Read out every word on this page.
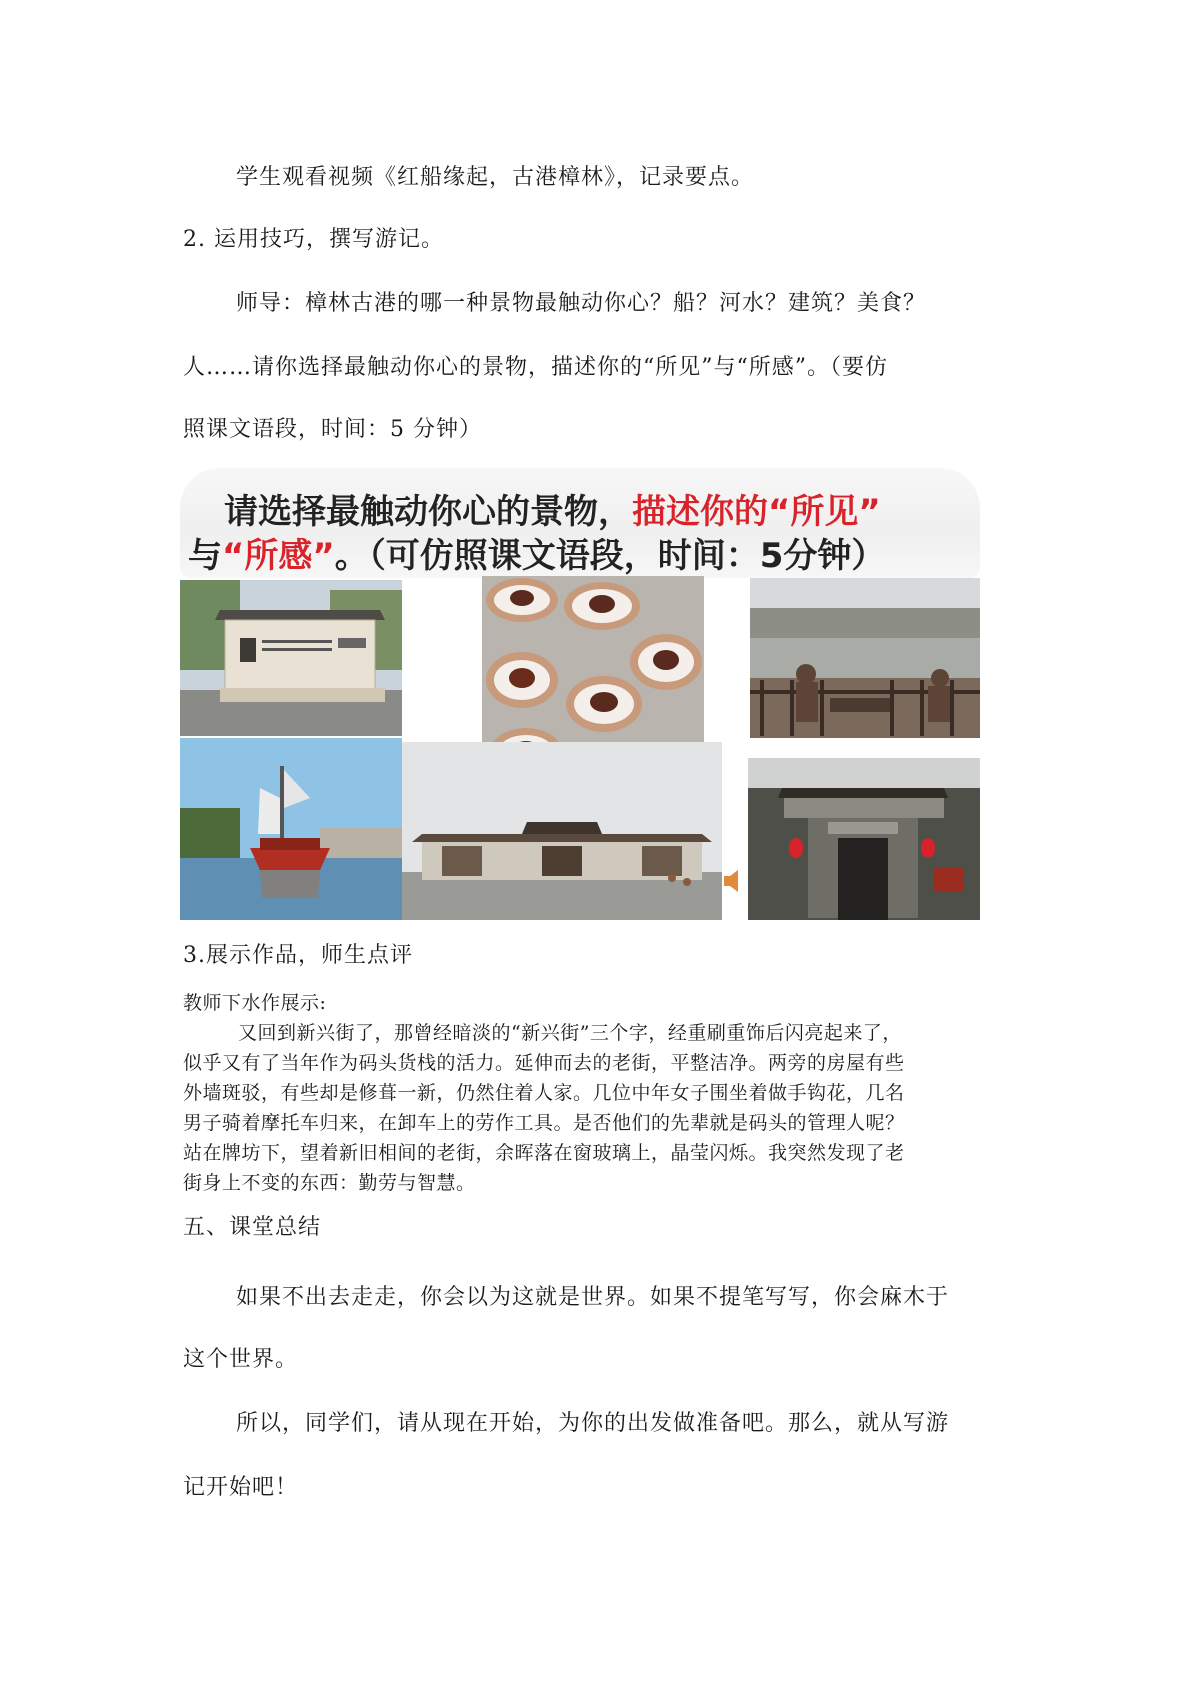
学生观看视频《红船缘起，古港樟林》，记录要点。
2. 运用技巧，撰写游记。
师导：樟林古港的哪一种景物最触动你心？船？河水？建筑？美食？
人……请你选择最触动你心的景物，描述你的“所见”与“所感”。（要仿
照课文语段，时间：5 分钟）
请选择最触动你心的景物，描述你的“所见”
与“所感”。（可仿照课文语段，时间：5分钟）
3.展示作品，师生点评
教师下水作展示:
又回到新兴街了，那曾经暗淡的“新兴街”三个字，经重刷重饰后闪亮起来了，
似乎又有了当年作为码头货栈的活力。延伸而去的老街，平整洁净。两旁的房屋有些
外墙斑驳，有些却是修葺一新，仍然住着人家。几位中年女子围坐着做手钩花，几名
男子骑着摩托车归来，在卸车上的劳作工具。是否他们的先辈就是码头的管理人呢？
站在牌坊下，望着新旧相间的老街，余晖落在窗玻璃上，晶莹闪烁。我突然发现了老
街身上不变的东西：勤劳与智慧。
五、课堂总结
如果不出去走走，你会以为这就是世界。如果不提笔写写，你会麻木于
这个世界。
所以，同学们，请从现在开始，为你的出发做准备吧。那么，就从写游
记开始吧！
